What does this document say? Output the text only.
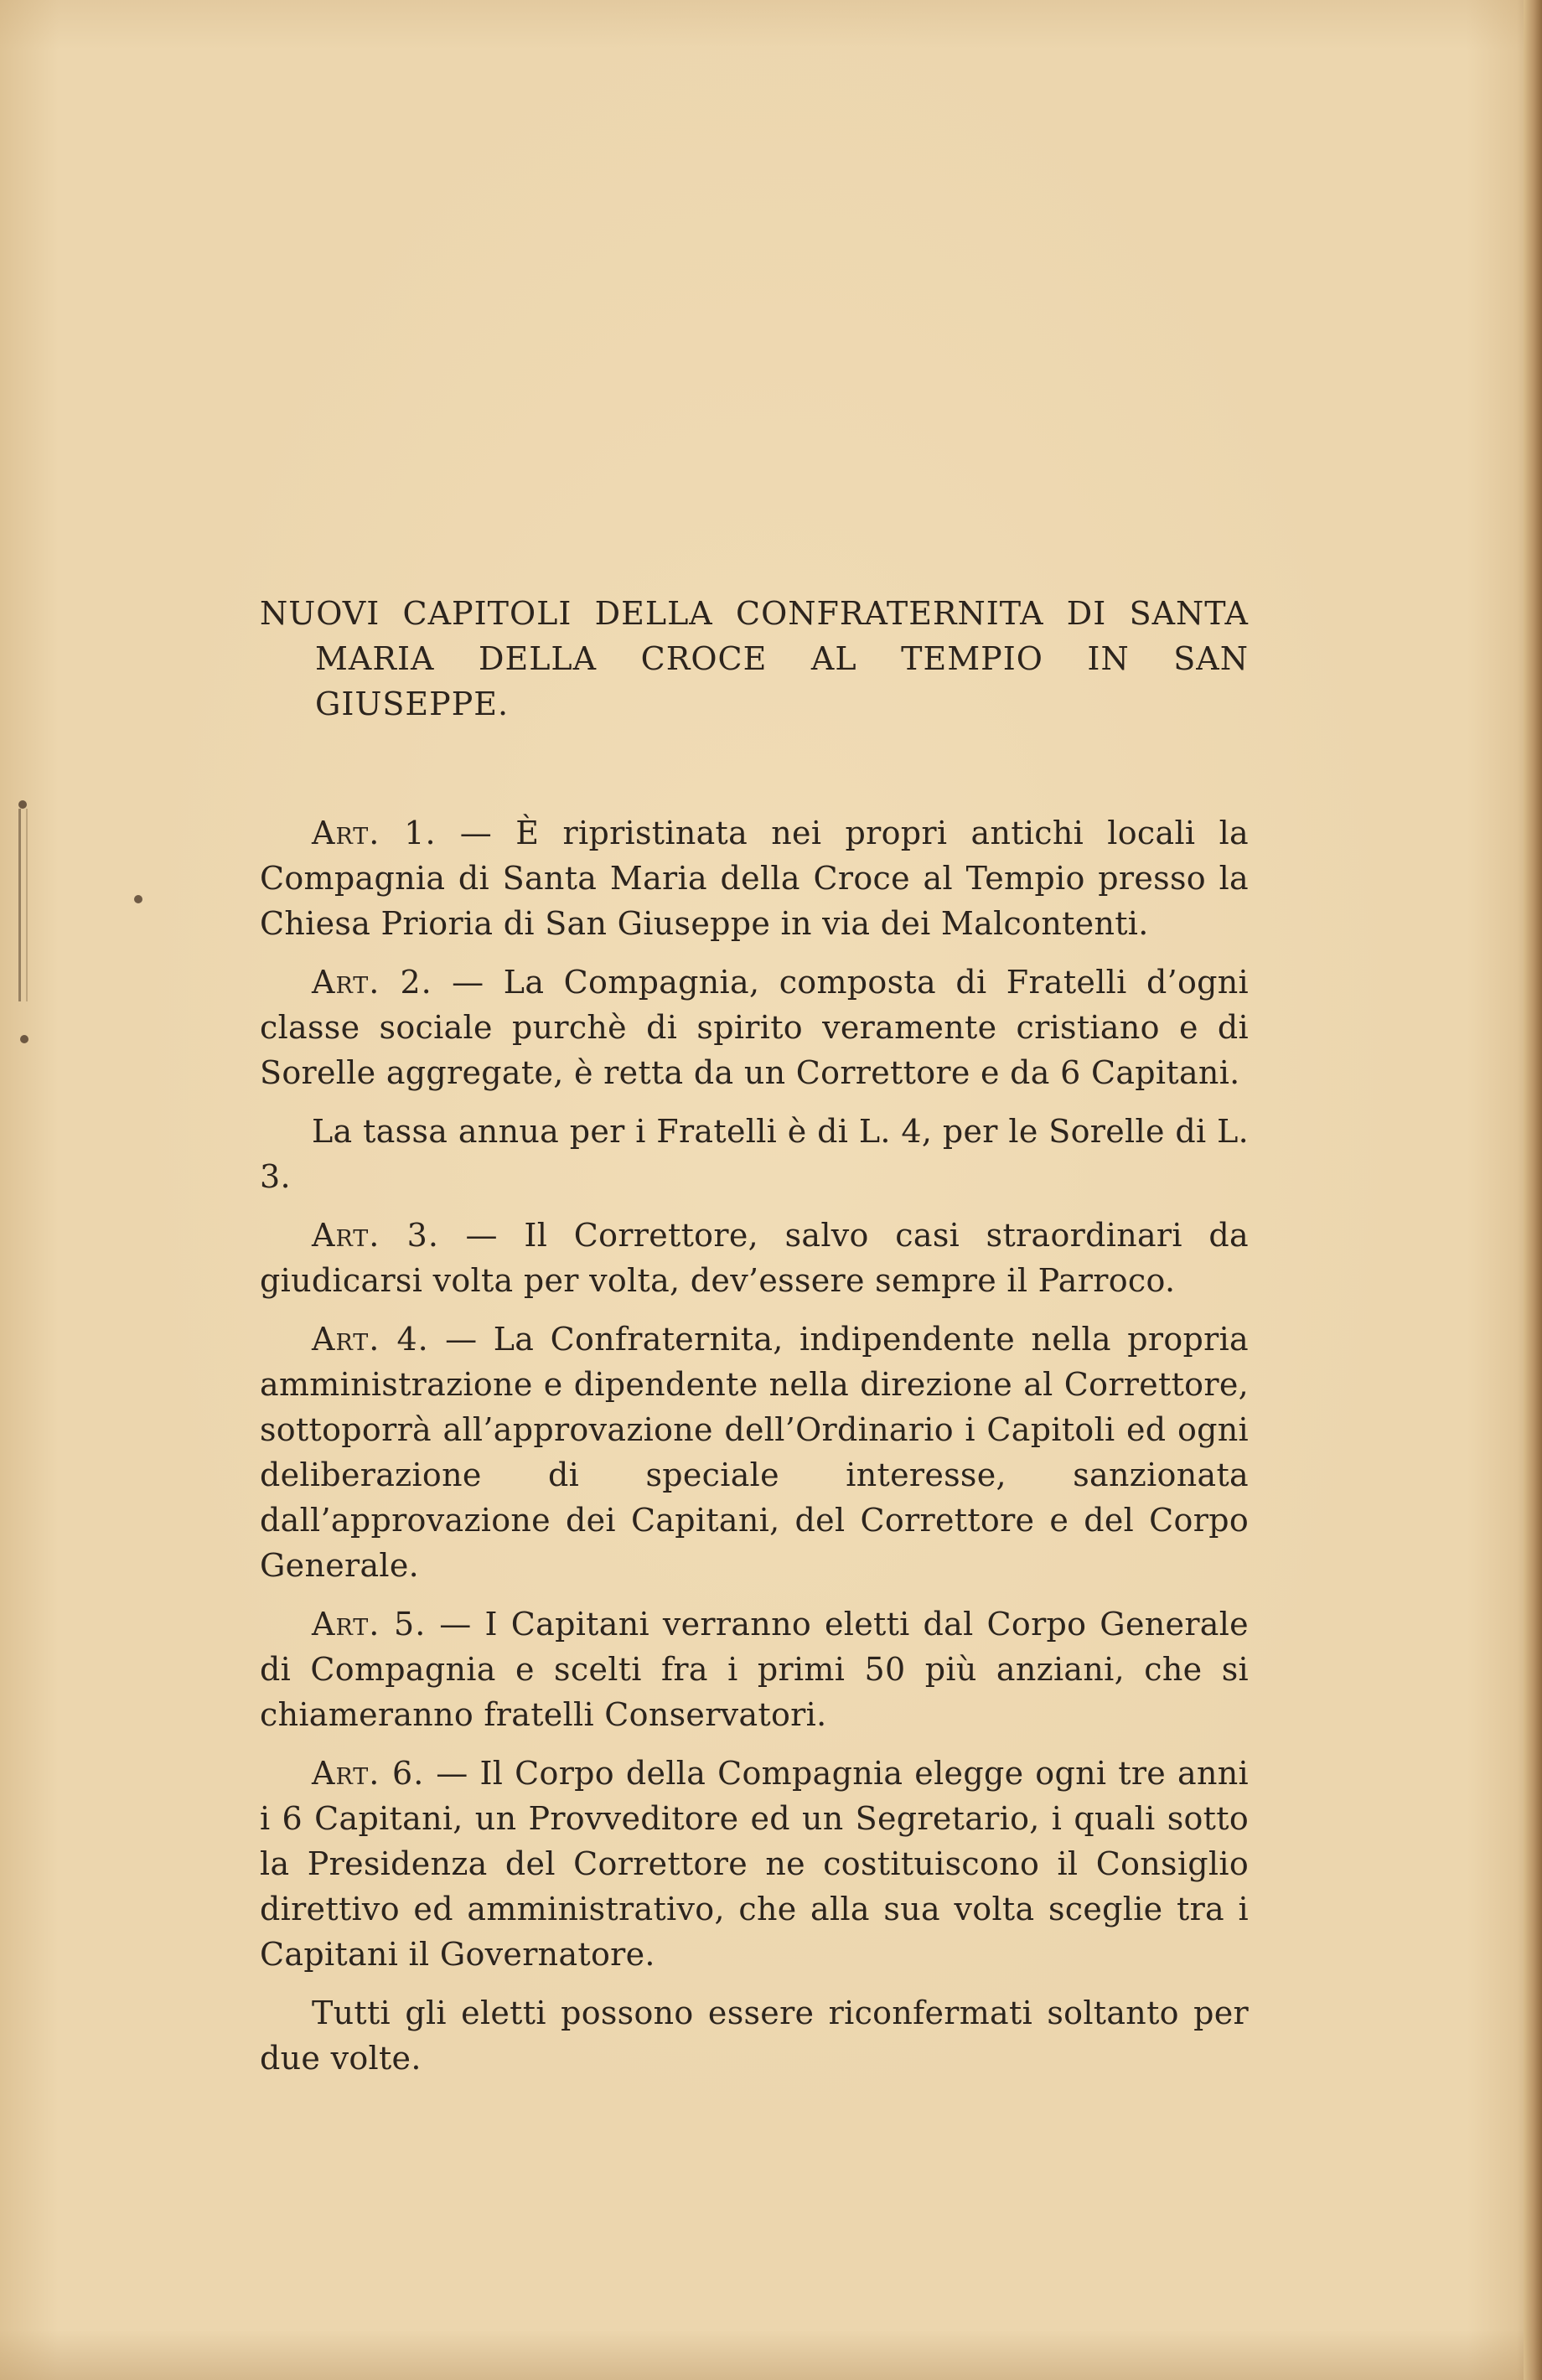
NUOVI CAPITOLI DELLA CONFRATERNITA DI SANTA MARIA DELLA CROCE AL TEMPIO IN SAN GIUSEPPE.

Art. 1. — È ripristinata nei propri antichi locali la Compagnia di Santa Maria della Croce al Tempio presso la Chiesa Prioria di San Giuseppe in via dei Malcontenti.

Art. 2. — La Compagnia, composta di Fratelli d’ogni classe sociale purchè di spirito veramente cristiano e di Sorelle aggregate, è retta da un Correttore e da 6 Capitani.

La tassa annua per i Fratelli è di L. 4, per le Sorelle di L. 3.

Art. 3. — Il Correttore, salvo casi straordinari da giudicarsi volta per volta, dev’essere sempre il Parroco.

Art. 4. — La Confraternita, indipendente nella propria amministrazione e dipendente nella direzione al Correttore, sottoporrà all’approvazione dell’Ordinario i Capitoli ed ogni deliberazione di speciale interesse, sanzionata dall’approvazione dei Capitani, del Correttore e del Corpo Generale.

Art. 5. — I Capitani verranno eletti dal Corpo Generale di Compagnia e scelti fra i primi 50 più anziani, che si chiameranno fratelli Conservatori.

Art. 6. — Il Corpo della Compagnia elegge ogni tre anni i 6 Capitani, un Provveditore ed un Segretario, i quali sotto la Presidenza del Correttore ne costituiscono il Consiglio direttivo ed amministrativo, che alla sua volta sceglie tra i Capitani il Governatore.

Tutti gli eletti possono essere riconfermati soltanto per due volte.
